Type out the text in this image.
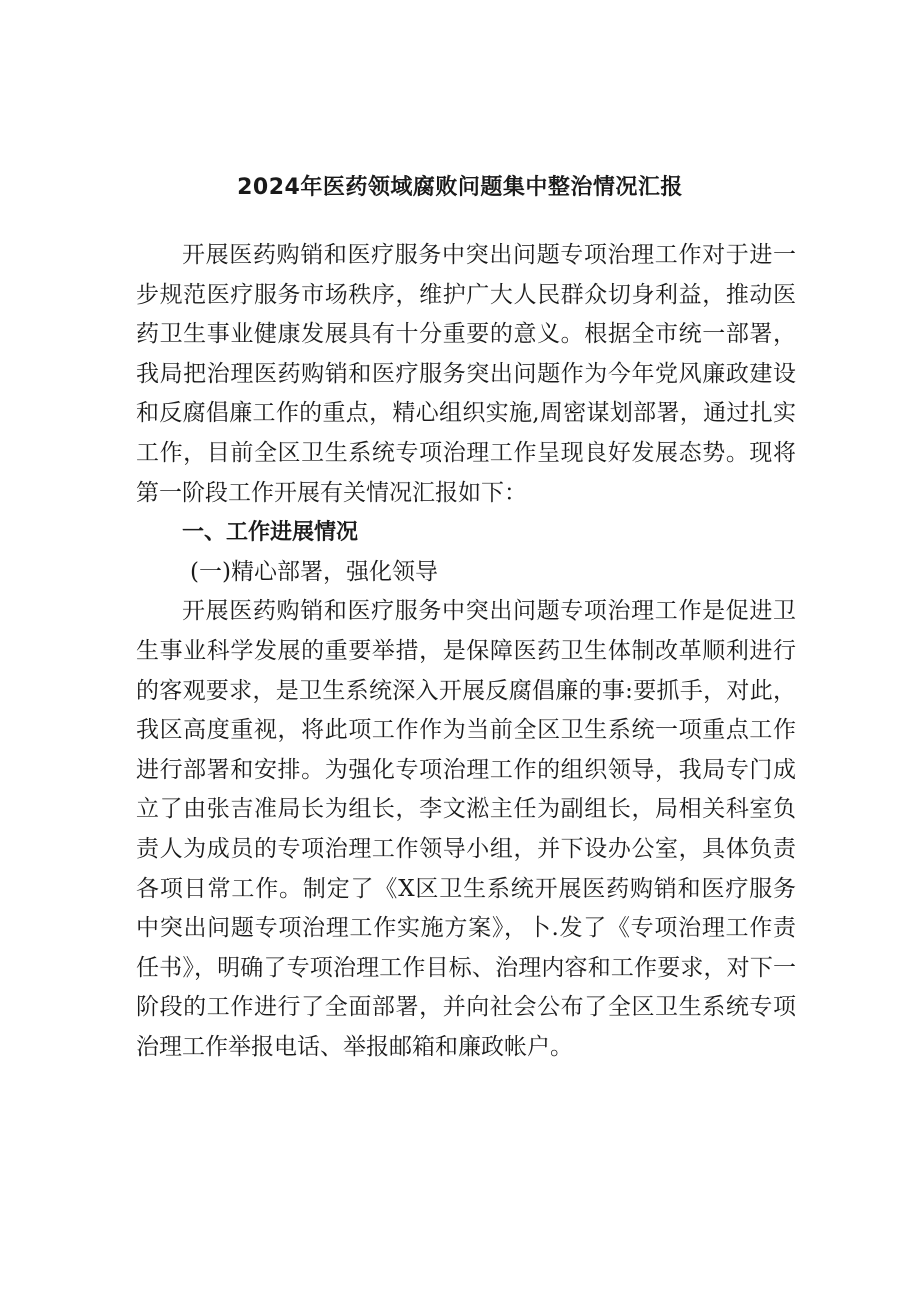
2024年医药领域腐败问题集中整治情况汇报

开展医药购销和医疗服务中突出问题专项治理工作对于进一步规范医疗服务市场秩序，维护广大人民群众切身利益，推动医药卫生事业健康发展具有十分重要的意义。根据全市统一部署，我局把治理医药购销和医疗服务突出问题作为今年党风廉政建设和反腐倡廉工作的重点，精心组织实施,周密谋划部署，通过扎实工作，目前全区卫生系统专项治理工作呈现良好发展态势。现将第一阶段工作开展有关情况汇报如下：

一、工作进展情况

(一)精心部署，强化领导

开展医药购销和医疗服务中突出问题专项治理工作是促进卫生事业科学发展的重要举措，是保障医药卫生体制改革顺利进行的客观要求，是卫生系统深入开展反腐倡廉的事:要抓手，对此，我区高度重视，将此项工作作为当前全区卫生系统一项重点工作进行部署和安排。为强化专项治理工作的组织领导，我局专门成立了由张吉准局长为组长，李文淞主任为副组长，局相关科室负责人为成员的专项治理工作领导小组，并下设办公室，具体负责各项日常工作。制定了《X区卫生系统开展医药购销和医疗服务中突出问题专项治理工作实施方案》，卜.发了《专项治理工作责任书》，明确了专项治理工作目标、治理内容和工作要求，对下一阶段的工作进行了全面部署，并向社会公布了全区卫生系统专项治理工作举报电话、举报邮箱和廉政帐户。
